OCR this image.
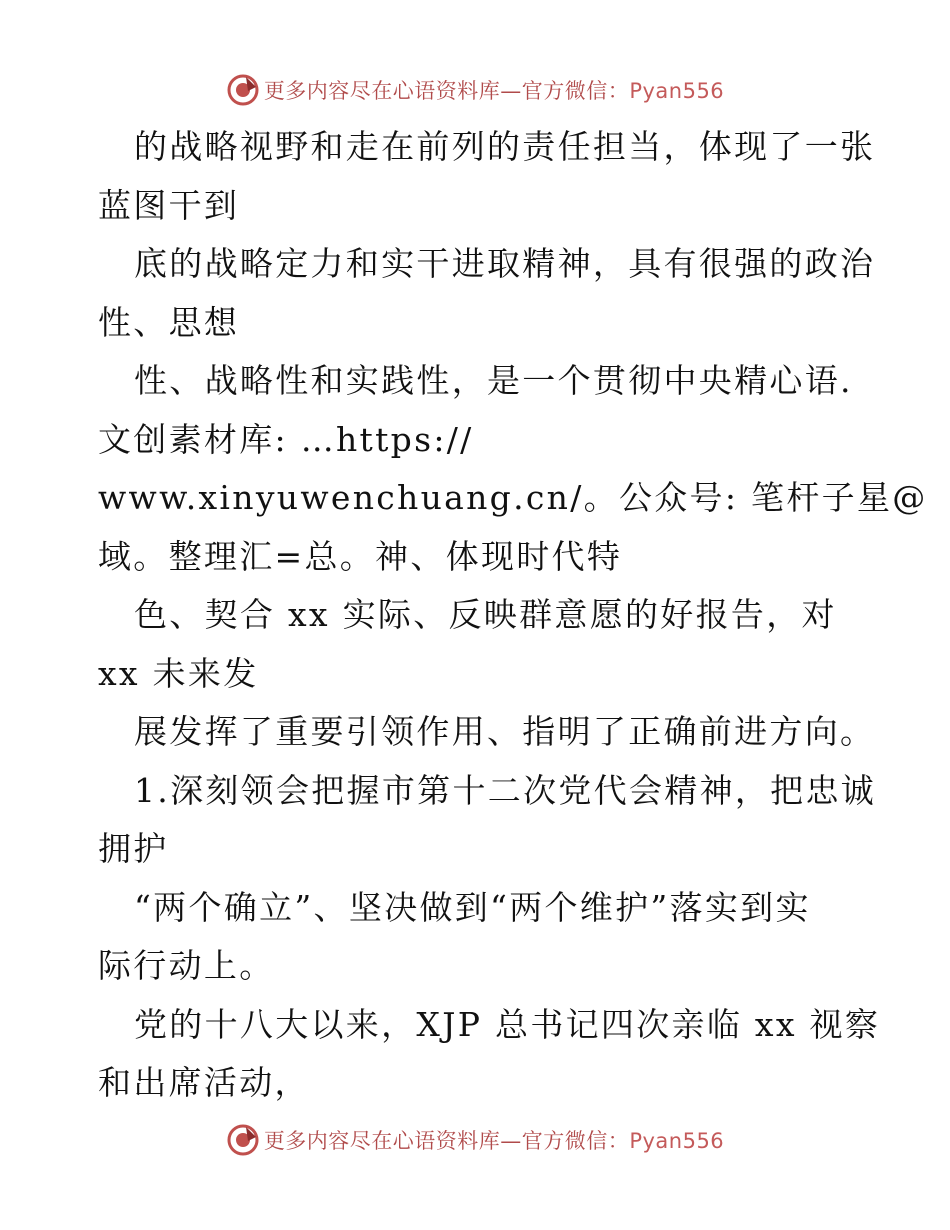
更多内容尽在心语资料库—官方微信：Pyan556
的战略视野和走在前列的责任担当，体现了一张
蓝图干到
底的战略定力和实干进取精神，具有很强的政治
性、思想
性、战略性和实践性，是一个贯彻中央精心语.
文创素材库: …https://
www.xinyuwenchuang.cn/。公众号: 笔杆子星@
域。整理汇=总。神、体现时代特
色、契合 xx 实际、反映群意愿的好报告，对
xx 未来发
展发挥了重要引领作用、指明了正确前进方向。
1.深刻领会把握市第十二次党代会精神，把忠诚
拥护
“两个确立”、坚决做到“两个维护”落实到实
际行动上。
党的十八大以来，XJP 总书记四次亲临 xx 视察
和出席活动，
更多内容尽在心语资料库—官方微信：Pyan556
